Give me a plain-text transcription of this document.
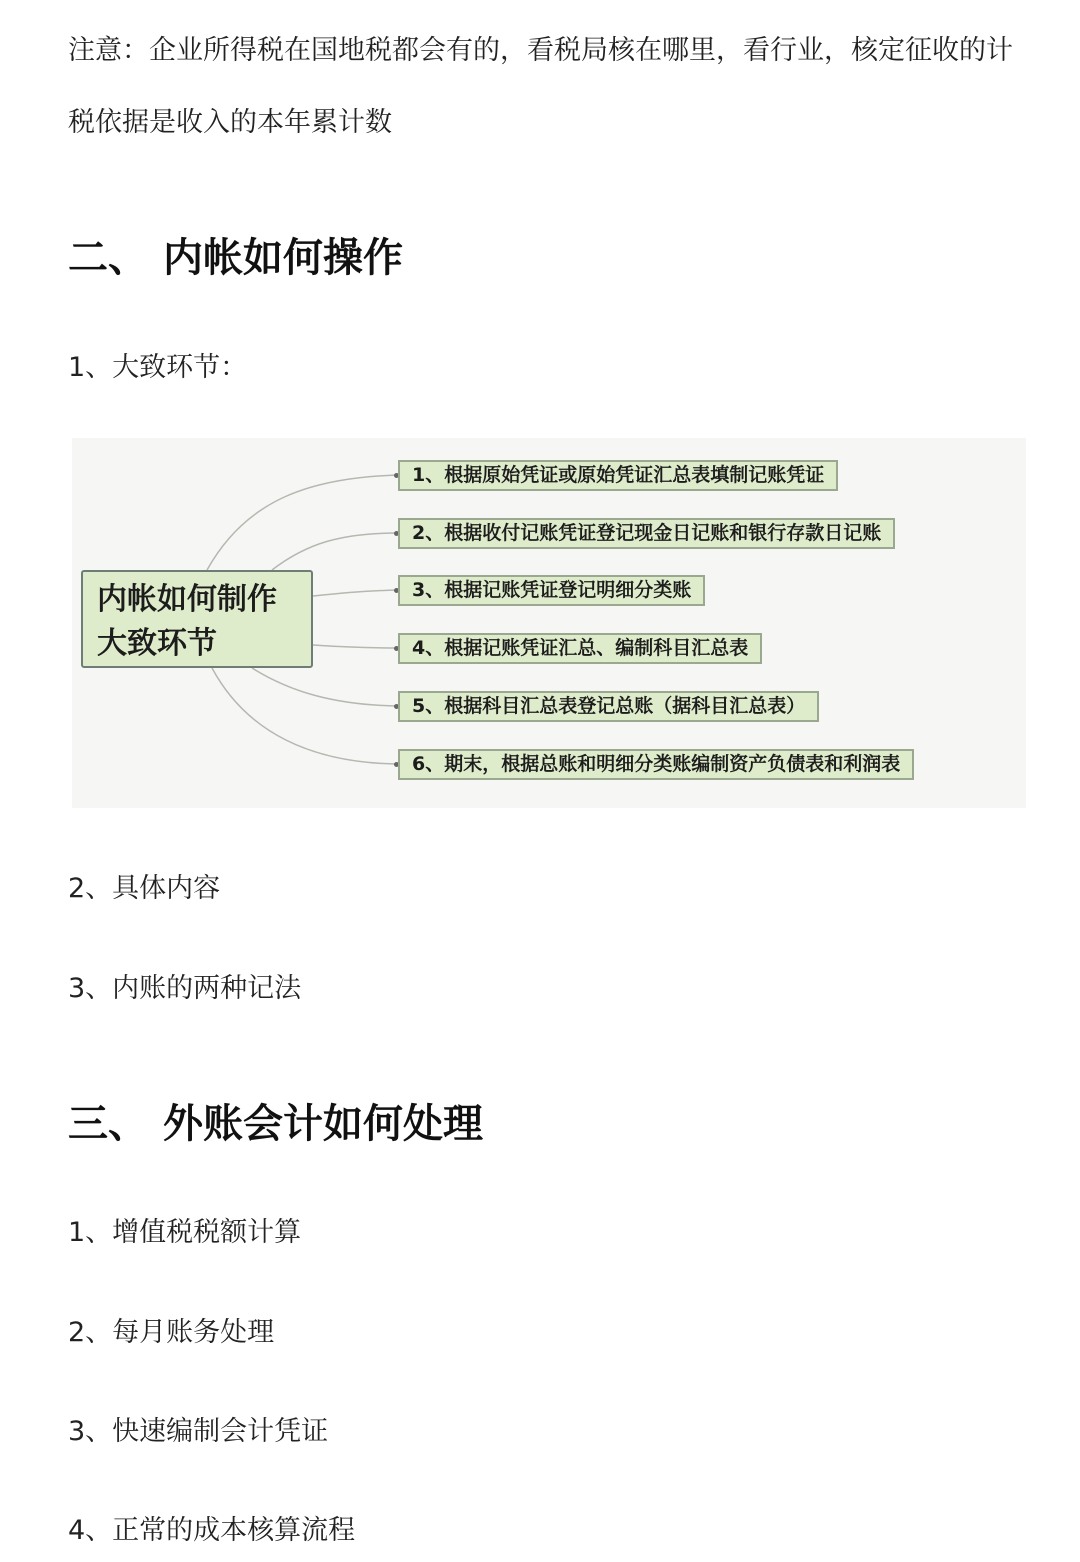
注意：企业所得税在国地税都会有的，看税局核在哪里，看行业，核定征收的计
税依据是收入的本年累计数
二、 内帐如何操作
1、大致环节：
内帐如何制作
大致环节
1、根据原始凭证或原始凭证汇总表填制记账凭证
2、根据收付记账凭证登记现金日记账和银行存款日记账
3、根据记账凭证登记明细分类账
4、根据记账凭证汇总、编制科目汇总表
5、根据科目汇总表登记总账（据科目汇总表）
6、期末，根据总账和明细分类账编制资产负债表和利润表
2、具体内容
3、内账的两种记法
三、 外账会计如何处理
1、增值税税额计算
2、每月账务处理
3、快速编制会计凭证
4、正常的成本核算流程
